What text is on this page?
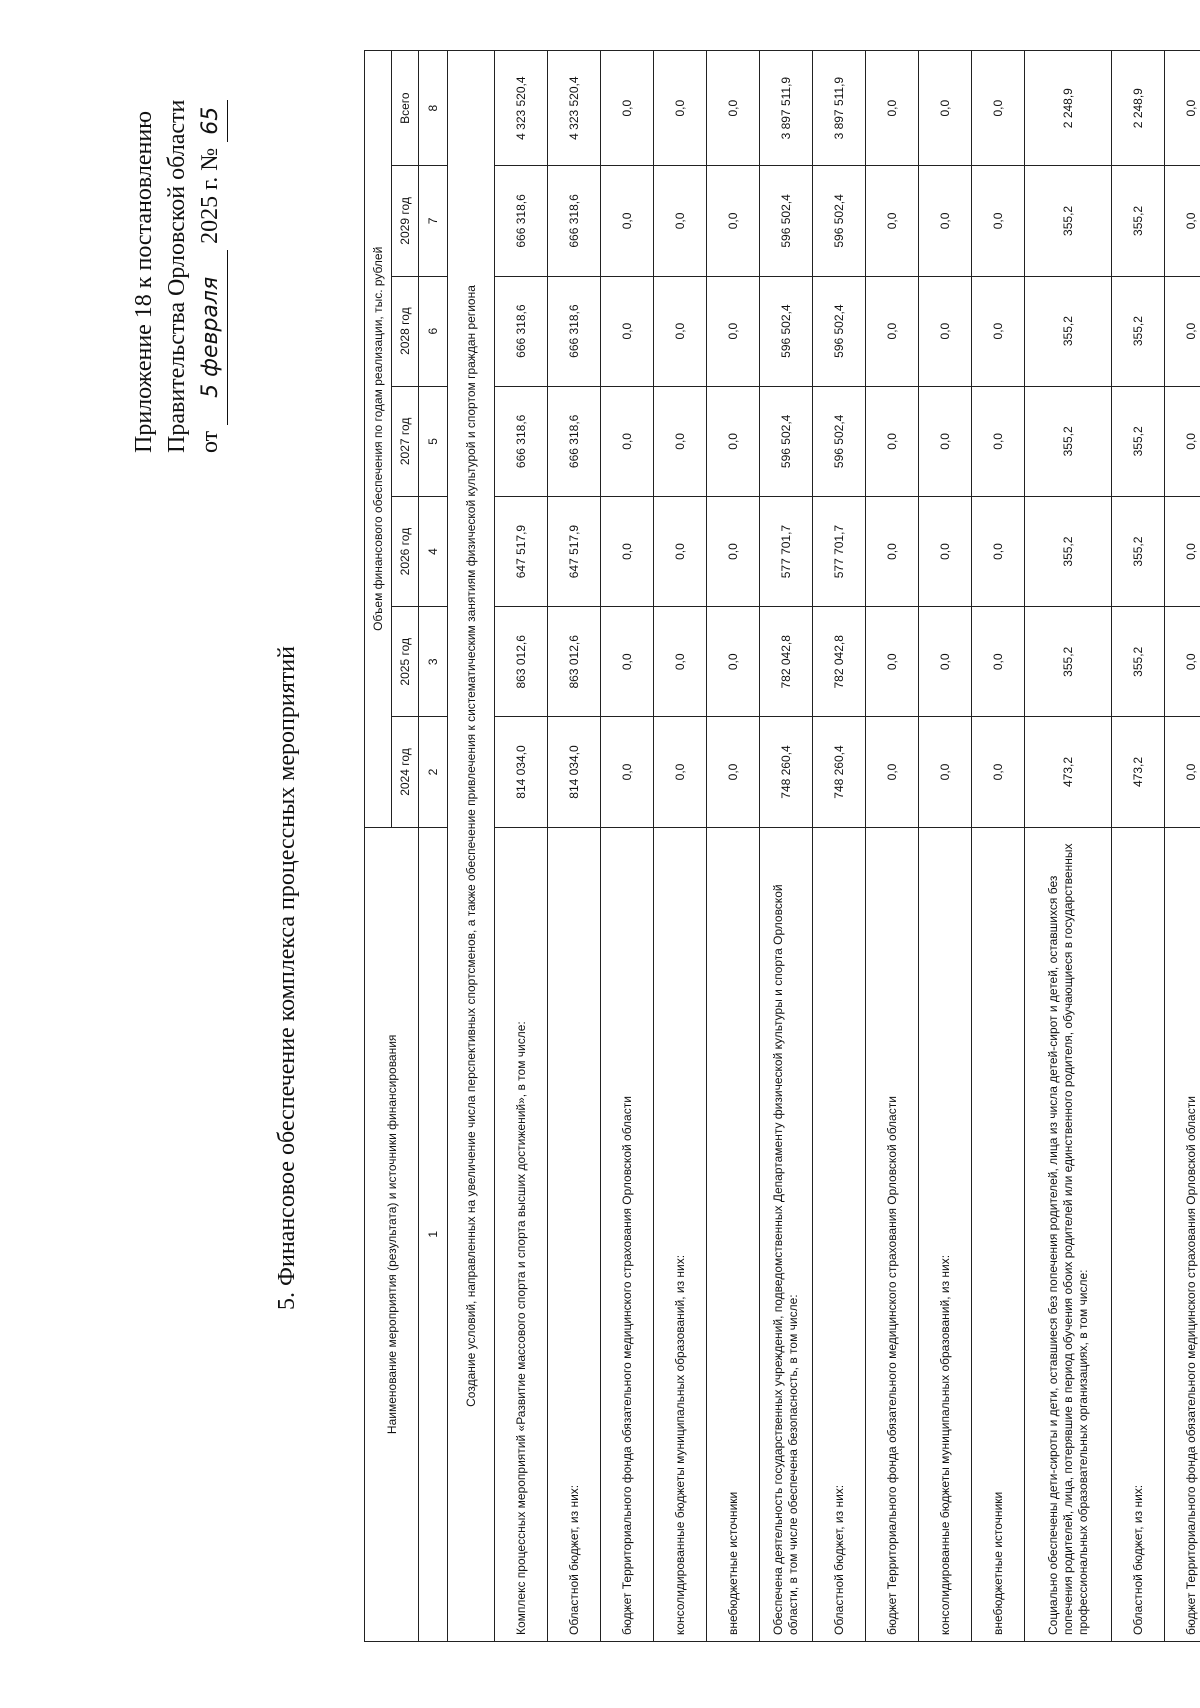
Приложение 18 к постановлению Правительства Орловской области от 5 февраля 2025 г. № 65
5. Финансовое обеспечение комплекса процессных мероприятий	Наименование мероприятия (результата) и источники финансирования	Объем финансового обеспечения по годам реализации, тыс. рублей						
	2024 год	2025 год	2026 год	2027 год	2028 год	2029 год	Всего
1	2	3	4	5	6	7	8
Создание условий, направленных на увеличение числа перспективных спортсменов, а также обеспечение привлечения к систематическим занятиям физической культурой и спортом граждан региона							
Комплекс процессных мероприятий «Развитие массового спорта и спорта высших достижений», в том числе:	814 034,0	863 012,6	647 517,9	666 318,6	666 318,6	666 318,6	4 323 520,4
Областной бюджет, из них:	814 034,0	863 012,6	647 517,9	666 318,6	666 318,6	666 318,6	4 323 520,4
бюджет Территориального фонда обязательного медицинского страхования Орловской области	0,0	0,0	0,0	0,0	0,0	0,0	0,0
консолидированные бюджеты муниципальных образований, из них:	0,0	0,0	0,0	0,0	0,0	0,0	0,0
внебюджетные источники	0,0	0,0	0,0	0,0	0,0	0,0	0,0
Обеспечена деятельность государственных учреждений, подведомственных Департаменту физической культуры и спорта Орловской области, в том числе обеспечена безопасность, в том числе:	748 260,4	782 042,8	577 701,7	596 502,4	596 502,4	596 502,4	3 897 511,9
Областной бюджет, из них:	748 260,4	782 042,8	577 701,7	596 502,4	596 502,4	596 502,4	3 897 511,9
бюджет Территориального фонда обязательного медицинского страхования Орловской области	0,0	0,0	0,0	0,0	0,0	0,0	0,0
консолидированные бюджеты муниципальных образований, из них:	0,0	0,0	0,0	0,0	0,0	0,0	0,0
внебюджетные источники	0,0	0,0	0,0	0,0	0,0	0,0	0,0
Социально обеспечены дети-сироты и дети, оставшиеся без попечения родителей, лица из числа детей-сирот и детей, оставшихся без попечения родителей, лица, потерявшие в период обучения обоих родителей или единственного родителя, обучающиеся в государственных профессиональных образовательных организациях, в том числе:	473,2	355,2	355,2	355,2	355,2	355,2	2 248,9
Областной бюджет, из них:	473,2	355,2	355,2	355,2	355,2	355,2	2 248,9
бюджет Территориального фонда обязательного медицинского страхования Орловской области	0,0	0,0	0,0	0,0	0,0	0,0	0,0
